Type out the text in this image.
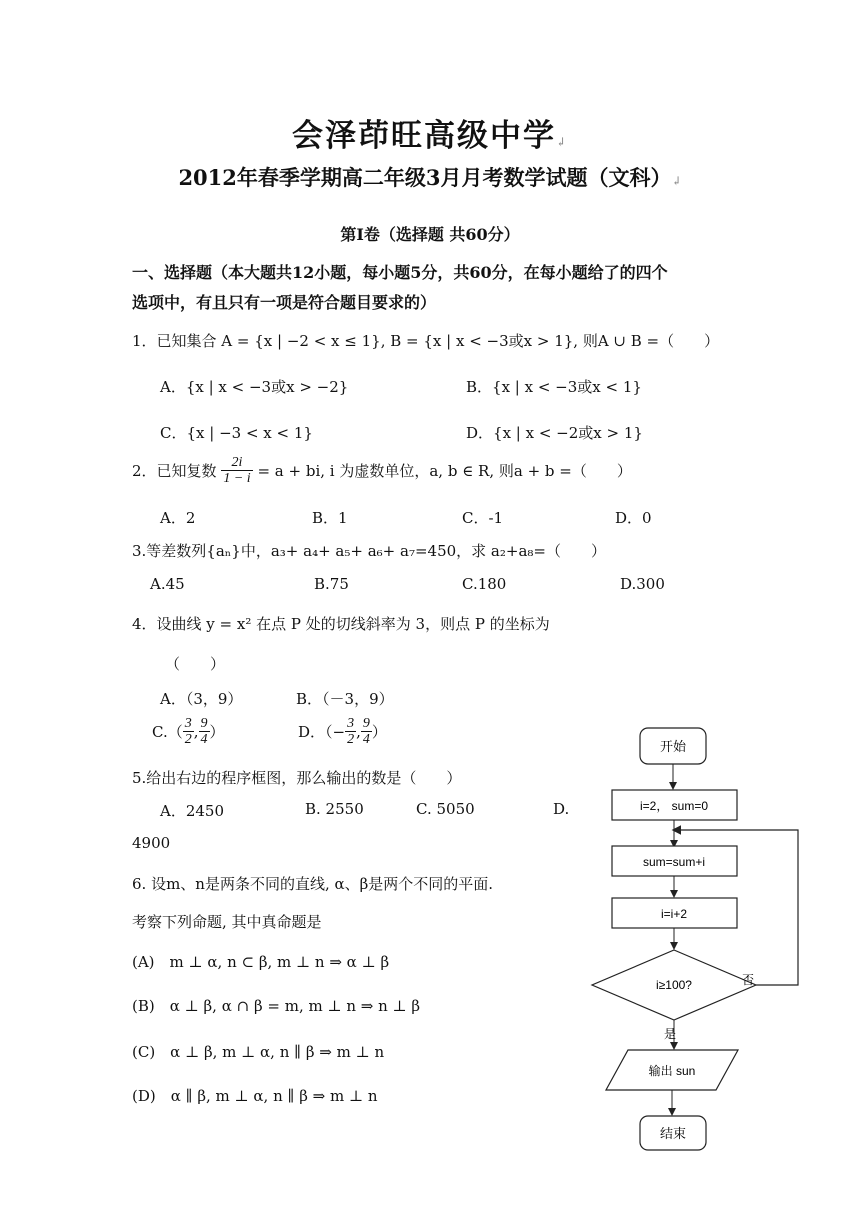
会泽茚旺高级中学↲
2012年春季学期高二年级3月月考数学试题（文科）↲
第Ⅰ卷（选择题 共60分）
一、选择题（本大题共12小题，每小题5分，共60分，在每小题给了的四个
选项中，有且只有一项是符合题目要求的）
1．已知集合 A = {x | −2 < x ≤ 1}, B = {x | x < −3或x > 1}, 则A ∪ B =（　　）
A．{x | x < −3或x > −2}	B．{x | x < −3或x < 1}
C．{x | −3 < x < 1}	D．{x | x < −2或x > 1}
2．已知复数 $\frac{2i}{1 - i} = a$ + bi, i 为虚数单位，a, b ∈ R, 则a + b =（　　）
A．2	B．1	C．-1	D．0
3.等差数列{aₙ}中，a₃+ a₄+ a₅+ a₆+ a₇=450，求 a₂+a₈=（　　）
A.45	B.75	C.180	D.300
4．设曲线 y = x² 在点 P 处的切线斜率为 3，则点 P 的坐标为
（　　）
A．（3，9）	B．（－3，9）
$C.( \frac{3}{2}$ , $\frac{9}{4}$ ）	D．（− $\frac{3}{2}$ , $\frac{9}{4}$ ）
5.给出右边的程序框图，那么输出的数是（　　）
A．2450	B. 2550	C. 5050	D.
4900
6. 设m、n是两条不同的直线, α、β是两个不同的平面.
考察下列命题, 其中真命题是
(A)　m ⊥ α, n ⊂ β, m ⊥ n ⇒ α ⊥ β
(B)　α ⊥ β, α ∩ β = m, m ⊥ n ⇒ n ⊥ β
(C)　α ⊥ β, m ⊥ α, n ∥ β ⇒ m ⊥ n
(D)　α ∥ β, m ⊥ α, n ∥ β ⇒ m ⊥ n
开始
i=2， sum=0
sum=sum+i
i=i+2
i≥100?	否
是
输出 sun
结束
